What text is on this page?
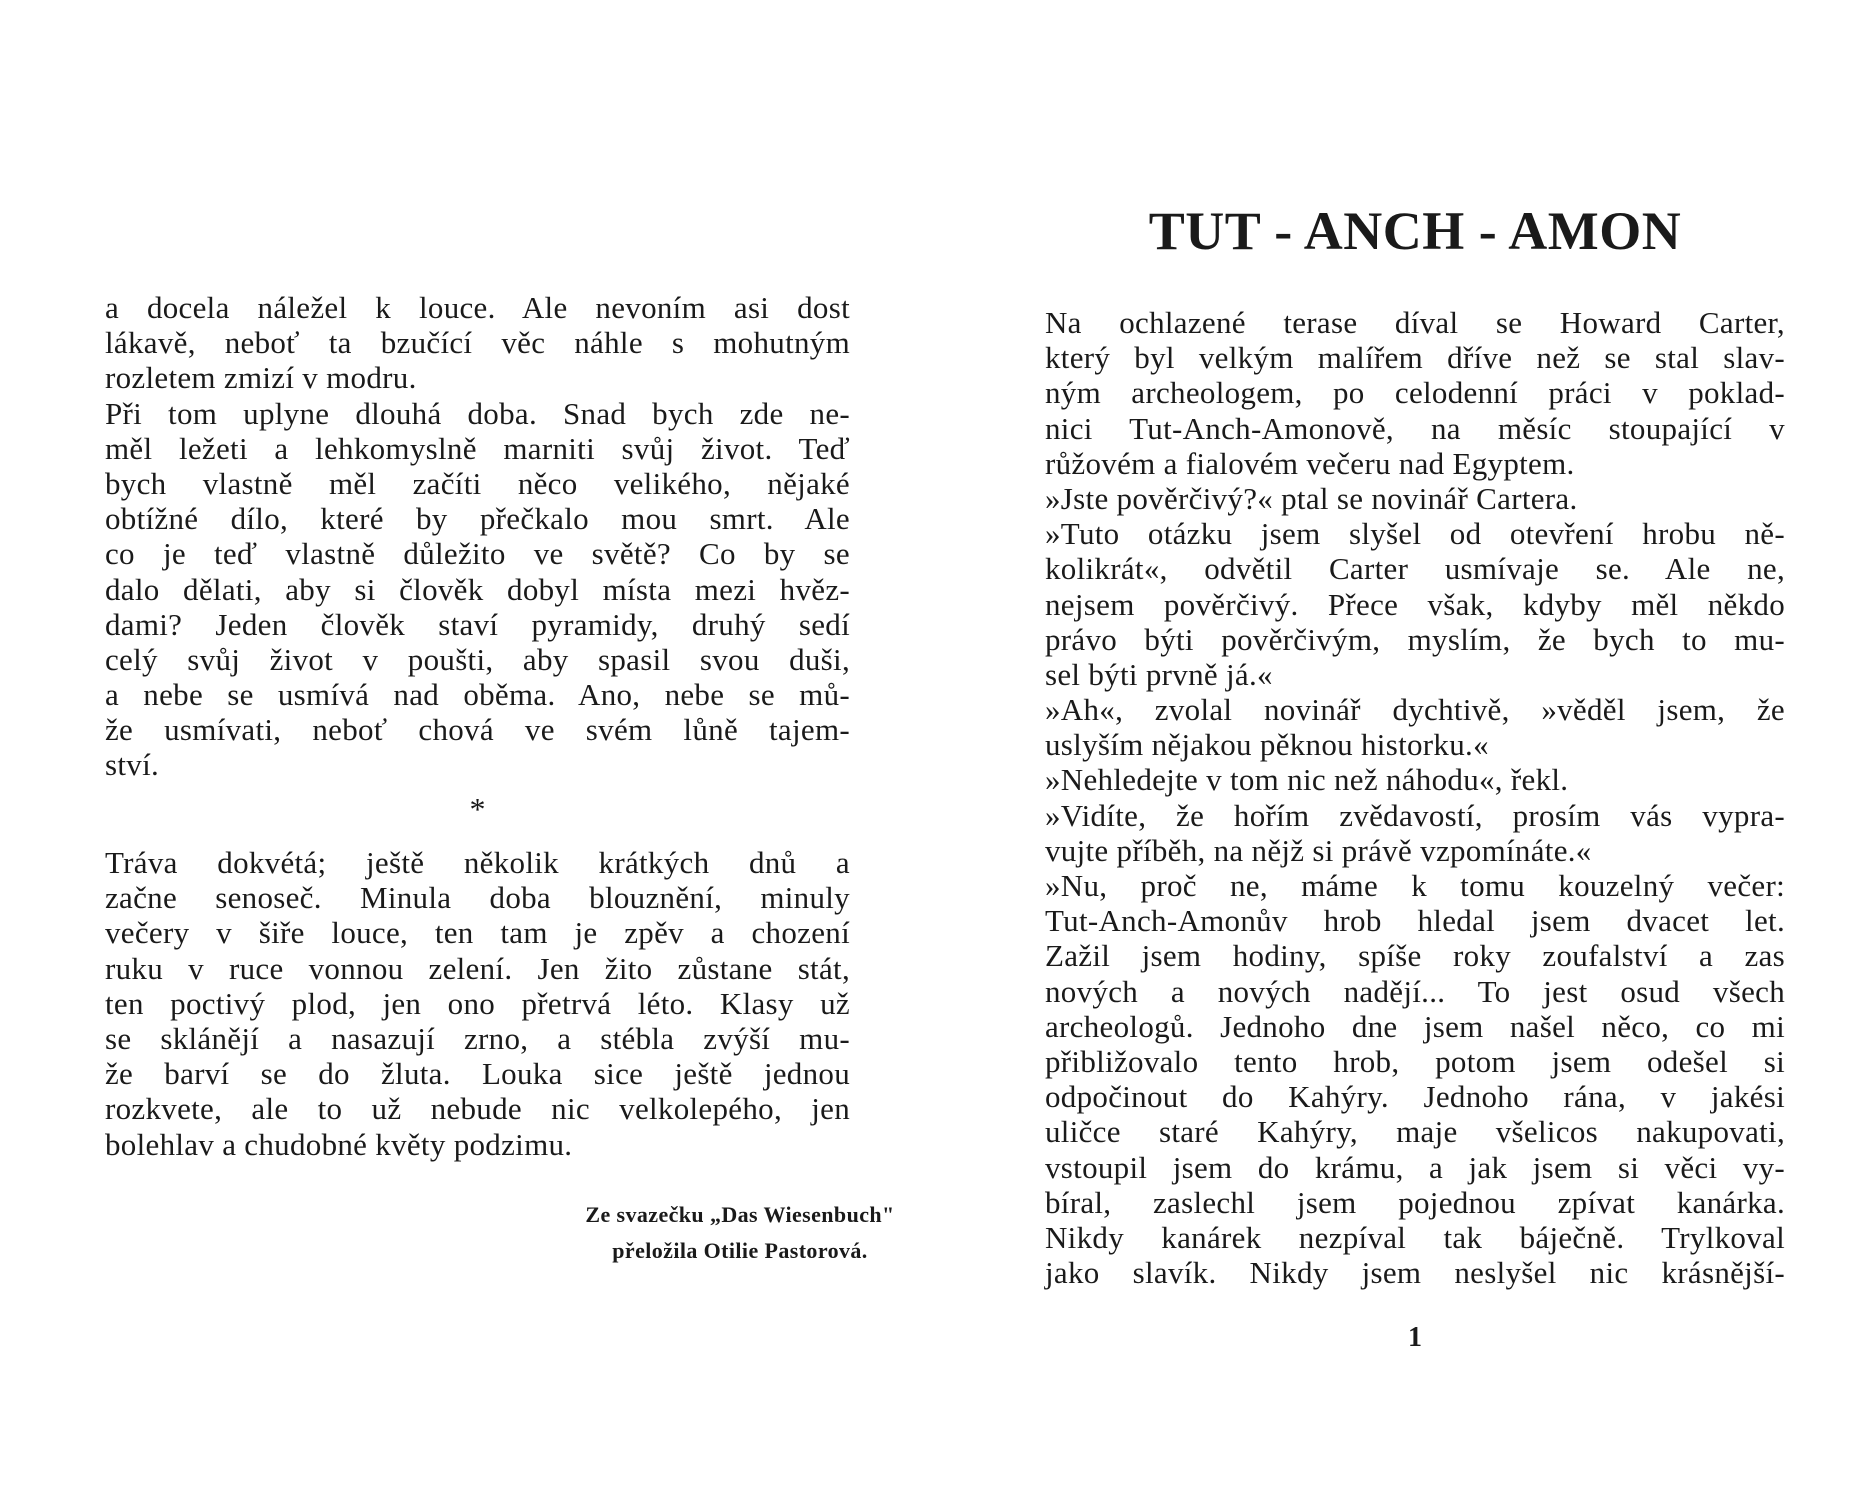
a docela náležel k louce. Ale nevoním asi dost
lákavě, neboť ta bzučící věc náhle s mohutným
rozletem zmizí v modru.
Při tom uplyne dlouhá doba. Snad bych zde ne-
měl ležeti a lehkomyslně marniti svůj život. Teď
bych vlastně měl začíti něco velikého, nějaké
obtížné dílo, které by přečkalo mou smrt. Ale
co je teď vlastně důležito ve světě? Co by se
dalo dělati, aby si člověk dobyl místa mezi hvěz-
dami? Jeden člověk staví pyramidy, druhý sedí
celý svůj život v poušti, aby spasil svou duši,
a nebe se usmívá nad oběma. Ano, nebe se mů-
že usmívati, neboť chová ve svém lůně tajem-
ství.
*
Tráva dokvétá; ještě několik krátkých dnů a
začne senoseč. Minula doba blouznění, minuly
večery v šiře louce, ten tam je zpěv a chození
ruku v ruce vonnou zelení. Jen žito zůstane stát,
ten poctivý plod, jen ono přetrvá léto. Klasy už
se sklánějí a nasazují zrno, a stébla zvýší mu-
že barví se do žluta. Louka sice ještě jednou
rozkvete, ale to už nebude nic velkolepého, jen
bolehlav a chudobné květy podzimu.
Ze svazečku „Das Wiesenbuch"
přeložila Otilie Pastorová.
TUT - ANCH - AMON
Na ochlazené terase díval se Howard Carter,
který byl velkým malířem dříve než se stal slav-
ným archeologem, po celodenní práci v poklad-
nici Tut-Anch-Amonově, na měsíc stoupající v
růžovém a fialovém večeru nad Egyptem.
»Jste pověrčivý?« ptal se novinář Cartera.
»Tuto otázku jsem slyšel od otevření hrobu ně-
kolikrát«, odvětil Carter usmívaje se. Ale ne,
nejsem pověrčivý. Přece však, kdyby měl někdo
právo býti pověrčivým, myslím, že bych to mu-
sel býti prvně já.«
»Ah«, zvolal novinář dychtivě, »věděl jsem, že
uslyším nějakou pěknou historku.«
»Nehledejte v tom nic než náhodu«, řekl.
»Vidíte, že hořím zvědavostí, prosím vás vypra-
vujte příběh, na nějž si právě vzpomínáte.«
»Nu, proč ne, máme k tomu kouzelný večer:
Tut-Anch-Amonův hrob hledal jsem dvacet let.
Zažil jsem hodiny, spíše roky zoufalství a zas
nových a nových nadějí... To jest osud všech
archeologů. Jednoho dne jsem našel něco, co mi
přibližovalo tento hrob, potom jsem odešel si
odpočinout do Kahýry. Jednoho rána, v jakési
uličce staré Kahýry, maje všelicos nakupovati,
vstoupil jsem do krámu, a jak jsem si věci vy-
bíral, zaslechl jsem pojednou zpívat kanárka.
Nikdy kanárek nezpíval tak báječně. Trylkoval
jako slavík. Nikdy jsem neslyšel nic krásnější-
1
